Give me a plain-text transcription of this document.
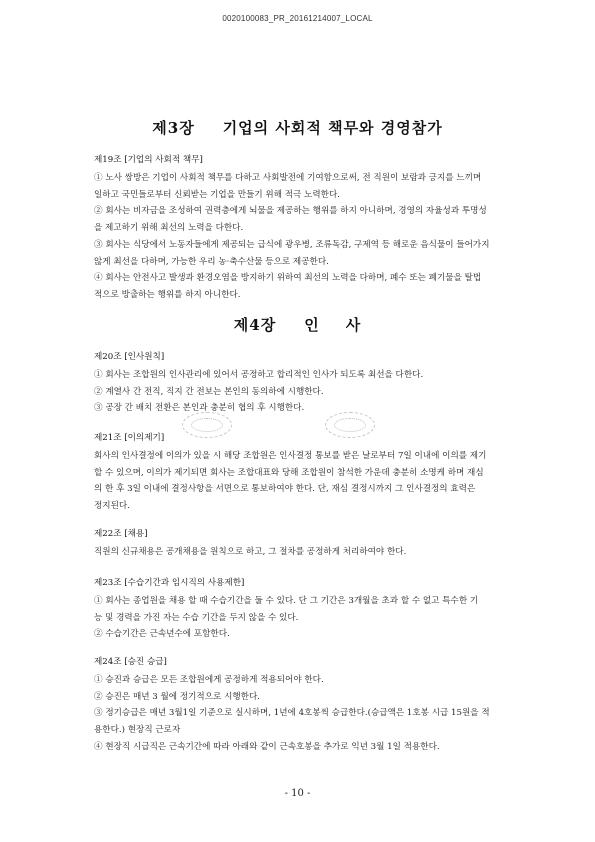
0020100083_PR_20161214007_LOCAL
제3장 기업의 사회적 책무와 경영참가
제19조 [기업의 사회적 책무]
① 노사 쌍방은 기업이 사회적 책무를 다하고 사회발전에 기여함으로써, 전 직원이 보람과 긍지를 느끼며
일하고 국민들로부터 신뢰받는 기업을 만들기 위해 적극 노력한다.
② 회사는 비자금을 조성하여 권력층에게 뇌물을 제공하는 행위를 하지 아니하며, 경영의 자율성과 투명성
을 제고하기 위해 최선의 노력을 다한다.
③ 회사는 식당에서 노동자들에게 제공되는 급식에 광우병, 조류독감, 구제역 등 해로운 음식물이 들어가지
않게 최선을 다하며, 가능한 우리 농·축수산물 등으로 제공한다.
④ 회사는 안전사고 발생과 환경오염을 방지하기 위하여 최선의 노력을 다하며, 폐수 또는 폐기물을 탈법
적으로 방출하는 행위를 하지 아니한다.
제4장 인 사
제20조 [인사원칙]
① 회사는 조합원의 인사관리에 있어서 공정하고 합리적인 인사가 되도록 최선을 다한다.
② 계열사 간 전직, 직지 간 전보는 본인의 동의하에 시행한다.
③ 공장 간 배치 전환은 본인과 충분히 협의 후 시행한다.
제21조 [이의제기]
회사의 인사결정에 이의가 있을 시 해당 조합원은 인사결정 통보를 받은 날로부터 7일 이내에 이의를 제기
할 수 있으며, 이의가 제기되면 회사는 조합대표와 당해 조합원이 참석한 가운데 충분히 소명케 하며 재심
의 한 후 3일 이내에 결정사항을 서면으로 통보하여야 한다. 단, 재심 결정시까지 그 인사결정의 효력은
정지된다.
제22조 [채용]
직원의 신규채용은 공개채용을 원칙으로 하고, 그 절차를 공정하게 처리하여야 한다.
제23조 [수습기간과 임시직의 사용제한]
① 회사는 종업원을 채용 할 때 수습기간을 둘 수 있다. 단 그 기간은 3개월을 초과 할 수 없고 특수한 기
능 및 경력을 가진 자는 수습 기간을 두지 않을 수 있다.
② 수습기간은 근속년수에 포함한다.
제24조 [승진 승급]
① 승진과 승급은 모든 조합원에게 공정하게 적용되어야 한다.
② 승진은 매년 3 월에 정기적으로 시행한다.
③ 정기승급은 매년 3월1일 기준으로 실시하며, 1년에 4호봉씩 승급한다.(승급액은 1호봉 시급 15원을 적
용한다.) 현장직 근로자
④ 현장직 시급직은 근속기간에 따라 아래와 같이 근속호봉을 추가로 익년 3월 1일 적용한다.
- 10 -
